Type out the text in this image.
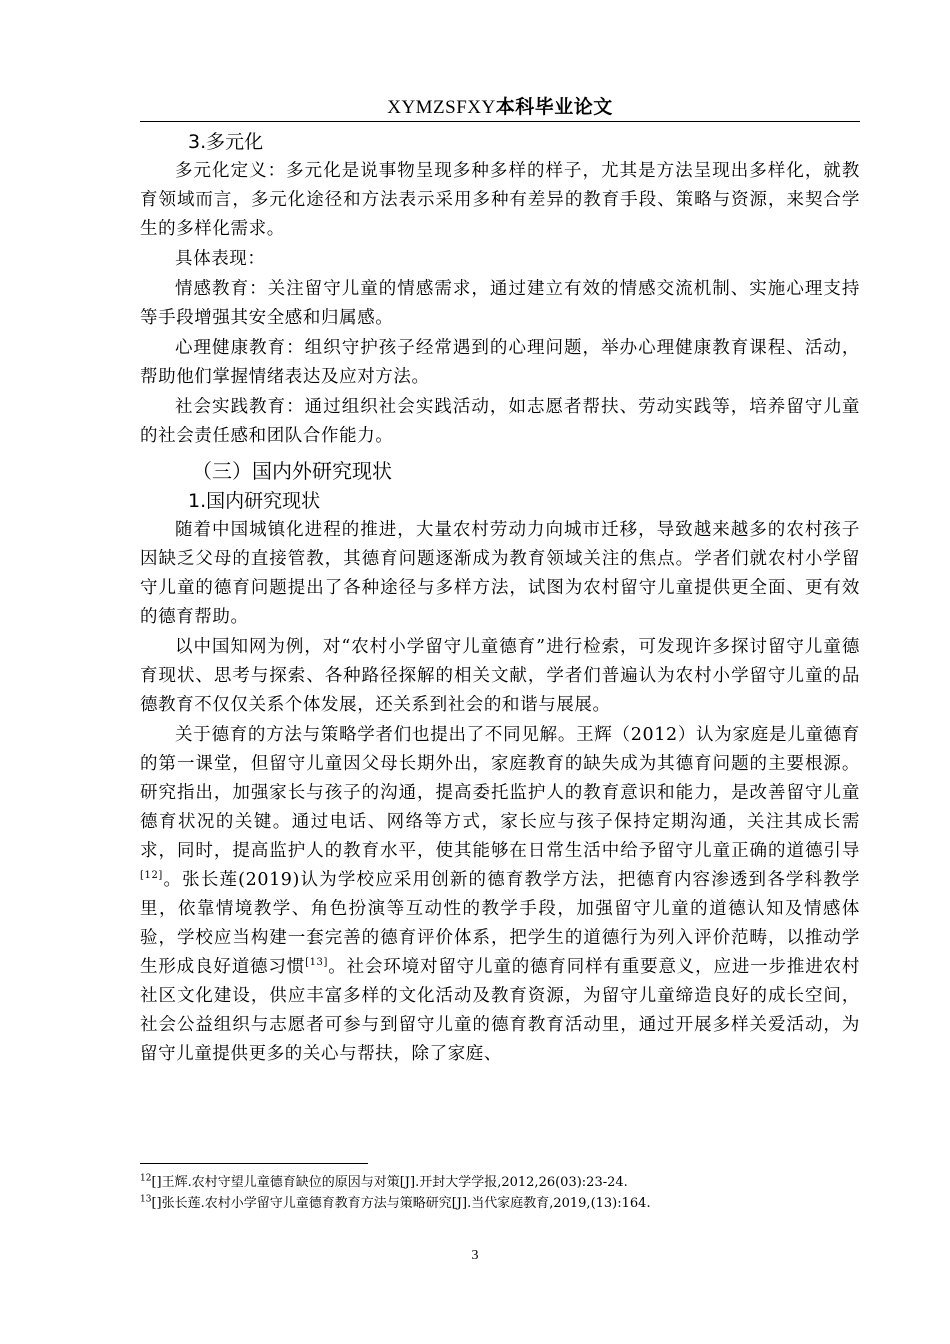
XYMZSFXY本科毕业论文
3.多元化

多元化定义：多元化是说事物呈现多种多样的样子，尤其是方法呈现出多样化，就教育领域而言，多元化途径和方法表示采用多种有差异的教育手段、策略与资源，来契合学生的多样化需求。

具体表现：

情感教育：关注留守儿童的情感需求，通过建立有效的情感交流机制、实施心理支持等手段增强其安全感和归属感。

心理健康教育：组织守护孩子经常遇到的心理问题，举办心理健康教育课程、活动，帮助他们掌握情绪表达及应对方法。

社会实践教育：通过组织社会实践活动，如志愿者帮扶、劳动实践等，培养留守儿童的社会责任感和团队合作能力。

（三）国内外研究现状
1.国内研究现状

随着中国城镇化进程的推进，大量农村劳动力向城市迁移，导致越来越多的农村孩子因缺乏父母的直接管教，其德育问题逐渐成为教育领域关注的焦点。学者们就农村小学留守儿童的德育问题提出了各种途径与多样方法，试图为农村留守儿童提供更全面、更有效的德育帮助。

以中国知网为例，对“农村小学留守儿童德育”进行检索，可发现许多探讨留守儿童德育现状、思考与探索、各种路径探解的相关文献，学者们普遍认为农村小学留守儿童的品德教育不仅仅关系个体发展，还关系到社会的和谐与展展。

关于德育的方法与策略学者们也提出了不同见解。王辉（2012）认为家庭是儿童德育的第一课堂，但留守儿童因父母长期外出，家庭教育的缺失成为其德育问题的主要根源。研究指出，加强家长与孩子的沟通，提高委托监护人的教育意识和能力，是改善留守儿童德育状况的关键。通过电话、网络等方式，家长应与孩子保持定期沟通，关注其成长需求，同时，提高监护人的教育水平，使其能够在日常生活中给予留守儿童正确的道德引导[12]。张长莲(2019)认为学校应采用创新的德育教学方法，把德育内容渗透到各学科教学里，依靠情境教学、角色扮演等互动性的教学手段，加强留守儿童的道德认知及情感体验，学校应当构建一套完善的德育评价体系，把学生的道德行为列入评价范畴，以推动学生形成良好道德习惯[13]。社会环境对留守儿童的德育同样有重要意义，应进一步推进农村社区文化建设，供应丰富多样的文化活动及教育资源，为留守儿童缔造良好的成长空间，社会公益组织与志愿者可参与到留守儿童的德育教育活动里，通过开展多样关爱活动，为留守儿童提供更多的关心与帮扶，除了家庭、

$^{12}$[]王辉.农村守望儿童德育缺位的原因与对策[J].开封大学学报,2012,26(03):23-24.

$^{13}$[]张长莲.农村小学留守儿童德育教育方法与策略研究[J].当代家庭教育,2019,(13):164.

3
